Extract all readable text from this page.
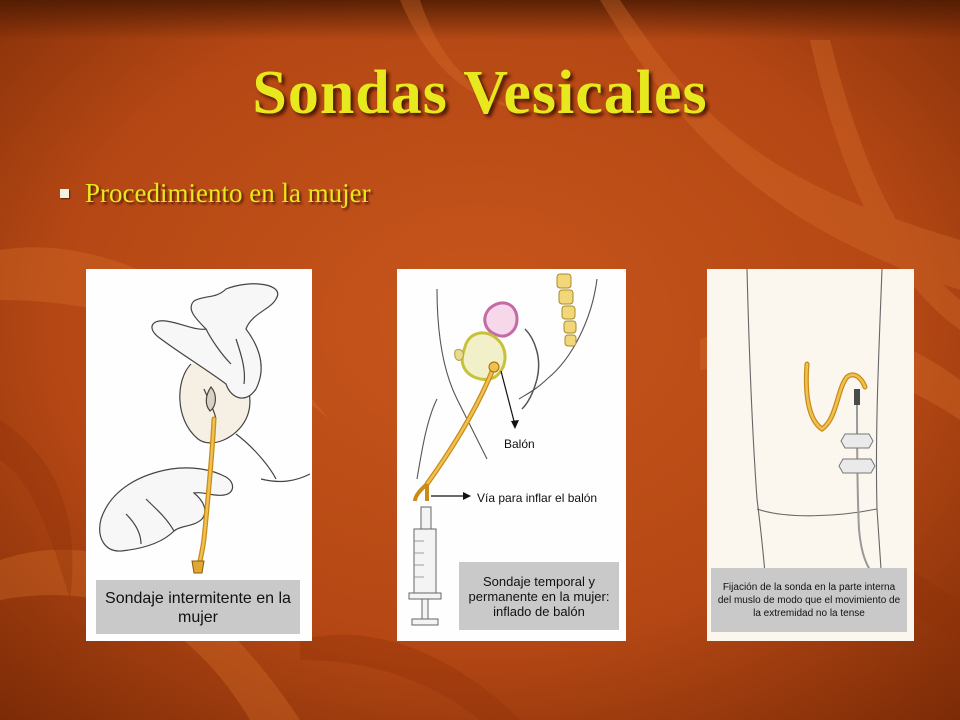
Sondas Vesicales
Procedimiento en la mujer
Sondaje intermitente en la mujer
Balón
Vía para inflar el balón
Sondaje temporal y permanente en la mujer: inflado de balón
Fijación de la sonda en la parte interna del muslo de modo que el movimiento de la extremidad no la tense
